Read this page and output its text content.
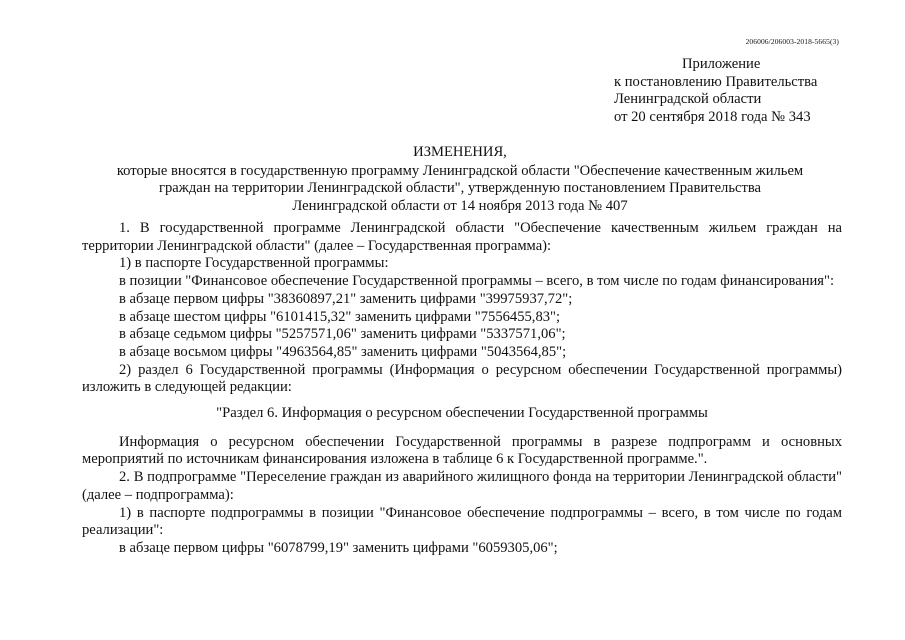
206006/206003-2018-5665(3)
Приложение
к постановлению Правительства
Ленинградской области
от 20 сентября 2018 года № 343
ИЗМЕНЕНИЯ,
которые вносятся в государственную программу Ленинградской области "Обеспечение качественным жильем
граждан на территории Ленинградской области", утвержденную постановлением Правительства
Ленинградской области от 14 ноября 2013 года № 407

1. В государственной программе Ленинградской области "Обеспечение качественным жильем граждан на территории Ленинградской области" (далее – Государственная программа):

1) в паспорте Государственной программы:

в позиции "Финансовое обеспечение Государственной программы – всего, в том числе по годам финансирования":

в абзаце первом цифры "38360897,21" заменить цифрами "39975937,72";

в абзаце шестом цифры "6101415,32" заменить цифрами "7556455,83";

в абзаце седьмом цифры "5257571,06" заменить цифрами "5337571,06";

в абзаце восьмом цифры "4963564,85" заменить цифрами "5043564,85";

2) раздел 6 Государственной программы (Информация о ресурсном обеспечении Государственной программы) изложить в следующей редакции:

"Раздел 6. Информация о ресурсном обеспечении Государственной программы

Информация о ресурсном обеспечении Государственной программы в разрезе подпрограмм и основных мероприятий по источникам финансирования изложена в таблице 6 к Государственной программе.".

2. В подпрограмме "Переселение граждан из аварийного жилищного фонда на территории Ленинградской области" (далее – подпрограмма):

1) в паспорте подпрограммы в позиции "Финансовое обеспечение подпрограммы – всего, в том числе по годам реализации":

в абзаце первом цифры "6078799,19" заменить цифрами "6059305,06";
